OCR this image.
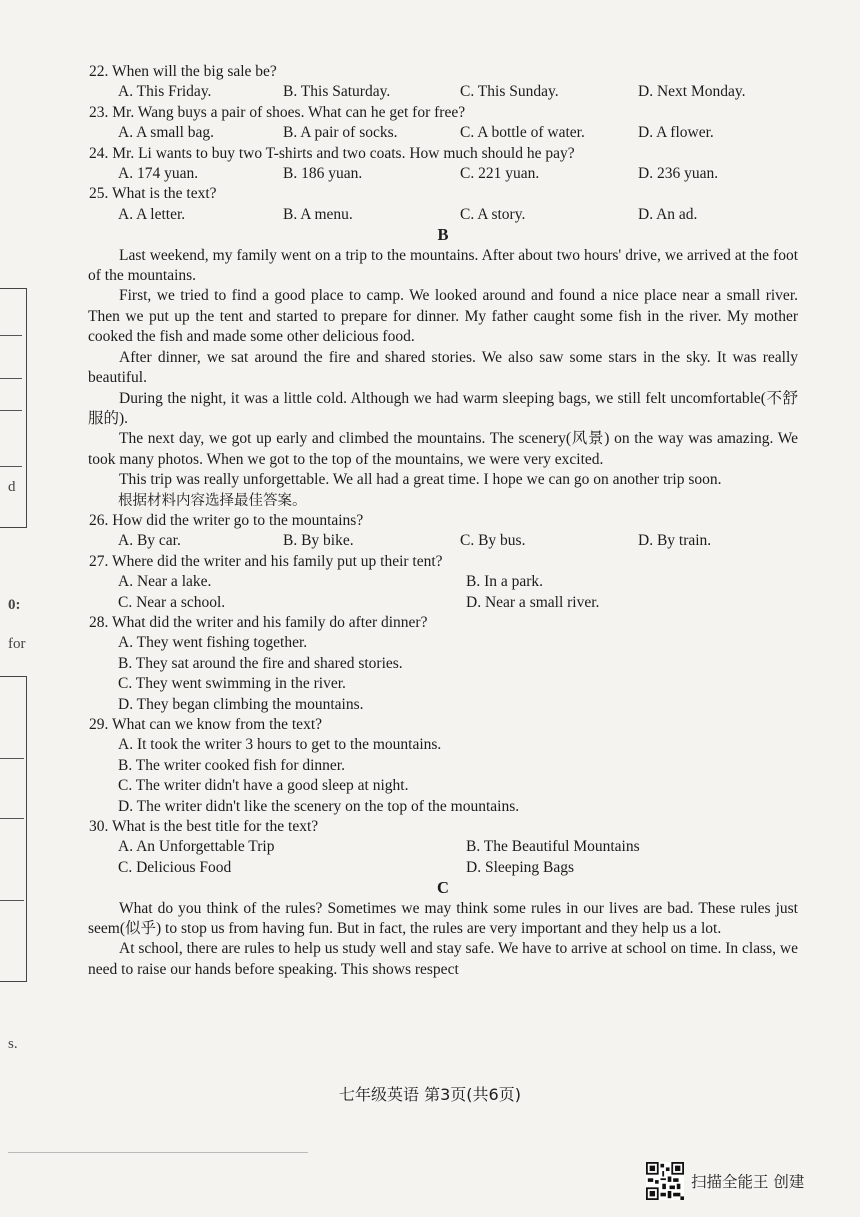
d
0:
for
s.

22. When will the big sale be?

A. This Friday.	B. This Saturday.	C. This Sunday.	D. Next Monday.

23. Mr. Wang buys a pair of shoes. What can he get for free?

A. A small bag.	B. A pair of socks.	C. A bottle of water.	D. A flower.

24. Mr. Li wants to buy two T-shirts and two coats. How much should he pay?

A. 174 yuan.	B. 186 yuan.	C. 221 yuan.	D. 236 yuan.

25. What is the text?

A. A letter.	B. A menu.	C. A story.	D. An ad.

B

Last weekend, my family went on a trip to the mountains. After about two hours' drive, we arrived at the foot of the mountains.

First, we tried to find a good place to camp. We looked around and found a nice place near a small river. Then we put up the tent and started to prepare for dinner. My father caught some fish in the river. My mother cooked the fish and made some other delicious food.

After dinner, we sat around the fire and shared stories. We also saw some stars in the sky. It was really beautiful.

During the night, it was a little cold. Although we had warm sleeping bags, we still felt uncomfortable(不舒服的).

The next day, we got up early and climbed the mountains. The scenery(风景) on the way was amazing. We took many photos. When we got to the top of the mountains, we were very excited.

This trip was really unforgettable. We all had a great time. I hope we can go on another trip soon.

根据材料内容选择最佳答案。

26. How did the writer go to the mountains?

A. By car.	B. By bike.	C. By bus.	D. By train.

27. Where did the writer and his family put up their tent?

A. Near a lake.	B. In a park.
C. Near a school.	D. Near a small river.

28. What did the writer and his family do after dinner?

A. They went fishing together.
B. They sat around the fire and shared stories.
C. They went swimming in the river.
D. They began climbing the mountains.

29. What can we know from the text?

A. It took the writer 3 hours to get to the mountains.
B. The writer cooked fish for dinner.
C. The writer didn't have a good sleep at night.
D. The writer didn't like the scenery on the top of the mountains.

30. What is the best title for the text?

A. An Unforgettable Trip	B. The Beautiful Mountains
C. Delicious Food	D. Sleeping Bags

C

What do you think of the rules? Sometimes we may think some rules in our lives are bad. These rules just seem(似乎) to stop us from having fun. But in fact, the rules are very important and they help us a lot.

At school, there are rules to help us study well and stay safe. We have to arrive at school on time. In class, we need to raise our hands before speaking. This shows respect

七年级英语 第3页(共6页)
扫描全能王 创建
